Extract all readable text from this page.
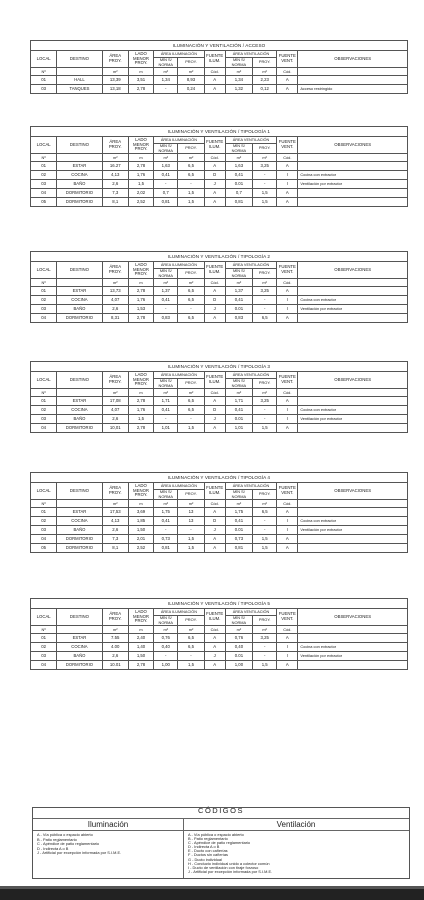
ILUMINACIÓN Y VENTILACIÓN / ACCESO										
LOCAL	DESTINO	ÁREA PROY.	LADO MENOR PROY.	ÁREA ILUMINACIÓN		FUENTE ILUM.	ÁREA VENTILACIÓN		FUENTE VENT.	OBSERVACIONES
				MÍN S/ NORMA	PROY.		MÍN S/ NORMA	PROY.		
Nº		m²	m	m²	m²	Cód.	m²	m²	Cód.	
01	HALL	13,39	3,51	1,34	8,93	A	1,34	2,23	A	
03	TANQUES	13,18	2,78	-	0,24	A	1,32	0,12	A	Acceso restringido
ILUMINACIÓN Y VENTILACIÓN / TIPOLOGÍA 1										
LOCAL	DESTINO	ÁREA PROY.	LADO MENOR PROY.	ÁREA ILUMINACIÓN		FUENTE ILUM.	ÁREA VENTILACIÓN		FUENTE VENT.	OBSERVACIONES
				MÍN S/ NORMA	PROY.		MÍN S/ NORMA	PROY.		
Nº		m²	m	m²	m²	Cód.	m²	m²	Cód.	
01	ESTAR	16.27	2,78	1,63	6,5	A	1,63	3,25	A	
02	COCINA	4,13	1,76	0,41	6,5	D	0,41	-	I	Cocina con extractor
03	BAÑO	2,6	1,5	-	-	J	0.01	-	I	Ventilación por extractor
04	DORMITORIO	7,3	2,02	0,7	1,5	A	0,7	1,5	A	
05	DORMITORIO	8,1	2,52	0,81	1,5	A	0,81	1,5	A	
ILUMINACIÓN Y VENTILACIÓN / TIPOLOGÍA 2										
LOCAL	DESTINO	ÁREA PROY.	LADO MENOR PROY.	ÁREA ILUMINACIÓN		FUENTE ILUM.	ÁREA VENTILACIÓN		FUENTE VENT.	OBSERVACIONES
				MÍN S/ NORMA	PROY.		MÍN S/ NORMA	PROY.		
Nº		m²	m	m²	m²	Cód.	m²	m²	Cód.	
01	ESTAR	13,73	2,78	1,37	6,5	A	1,37	3,25	A	
02	COCINA	4,07	1,76	0,41	6,5	D	0,41	-	I	Cocina con extractor
03	BAÑO	2,6	1,53	-	-	J	0.01	-	I	Ventilación por extractor
04	DORMITORIO	8,31	2,78	0,83	6,5	A	0,83	6,5	A	
ILUMINACIÓN Y VENTILACIÓN / TIPOLOGÍA 3										
LOCAL	DESTINO	ÁREA PROY.	LADO MENOR PROY.	ÁREA ILUMINACIÓN		FUENTE ILUM.	ÁREA VENTILACIÓN		FUENTE VENT.	OBSERVACIONES
				MÍN S/ NORMA	PROY.		MÍN S/ NORMA	PROY.		
Nº		m²	m	m²	m²	Cód.	m²	m²	Cód.	
01	ESTAR	17,08	2,78	1,71	6,5	A	1,71	3,25	A	
02	COCINA	4,07	1,76	0,41	6,5	D	0,41	-	I	Cocina con extractor
03	BAÑO	2,6	1,5	-	-	J	0.01	-	I	Ventilación por extractor
04	DORMITORIO	10,01	2,78	1,01	1,5	A	1,01	1,5	A	
ILUMINACIÓN Y VENTILACIÓN / TIPOLOGÍA 4										
LOCAL	DESTINO	ÁREA PROY.	LADO MENOR PROY.	ÁREA ILUMINACIÓN		FUENTE ILUM.	ÁREA VENTILACIÓN		FUENTE VENT.	OBSERVACIONES
				MÍN S/ NORMA	PROY.		MÍN S/ NORMA	PROY.		
Nº		m²	m	m²	m²	Cód.	m²	m²	Cód.	
01	ESTAR	17,53	3,69	1,75	13	A	1,75	6,5	A	
02	COCINA	4,13	1,85	0,41	13	D	0,41	-	I	Cocina con extractor
03	BAÑO	2,6	1,50	-	-	J	0.01	-	I	Ventilación por extractor
04	DORMITORIO	7,3	2,01	0,73	1,5	A	0,73	1,5	A	
05	DORMITORIO	8,1	2,52	0,81	1,5	A	0,81	1,5	A	
ILUMINACIÓN Y VENTILACIÓN / TIPOLOGÍA 5										
LOCAL	DESTINO	ÁREA PROY.	LADO MENOR PROY.	ÁREA ILUMINACIÓN		FUENTE ILUM.	ÁREA VENTILACIÓN		FUENTE VENT.	OBSERVACIONES
				MÍN S/ NORMA	PROY.		MÍN S/ NORMA	PROY.		
Nº		m²	m	m²	m²	Cód.	m²	m²	Cód.	
01	ESTAR	7.55	2,40	0,76	6,5	A	0,76	3,25	A	
02	COCINA	4.00	1,40	0,40	6,5	A	0,40	-	I	Cocina con extractor
03	BAÑO	2,6	1,50	-	-	J	0.01	-	I	Ventilación por extractor
04	DORMITORIO	10.01	2,78	1,00	1,5	A	1,00	1,5	A	
CÓDIGOS
Iluminación	Ventilación
A - Vía pública o espacio abierto
B - Patio reglamentario
C - Apéndice de patio reglamentario
D - Indirecta A o B
J - Artificial por excepción informada por S.I.M.E.
A - Vía pública o espacio abierto
B - Patio reglamentario
C - Apéndice de patio reglamentario
D - Indirecta A o B
E - Ducto con cañerías
F - Ductos sin cañerías
G - Ducto individual
H - Conducto individual unido a colector común
I - Ducto de ventilación con tiraje forzoso
J - Artificial por excepción informada por S.I.M.E.
